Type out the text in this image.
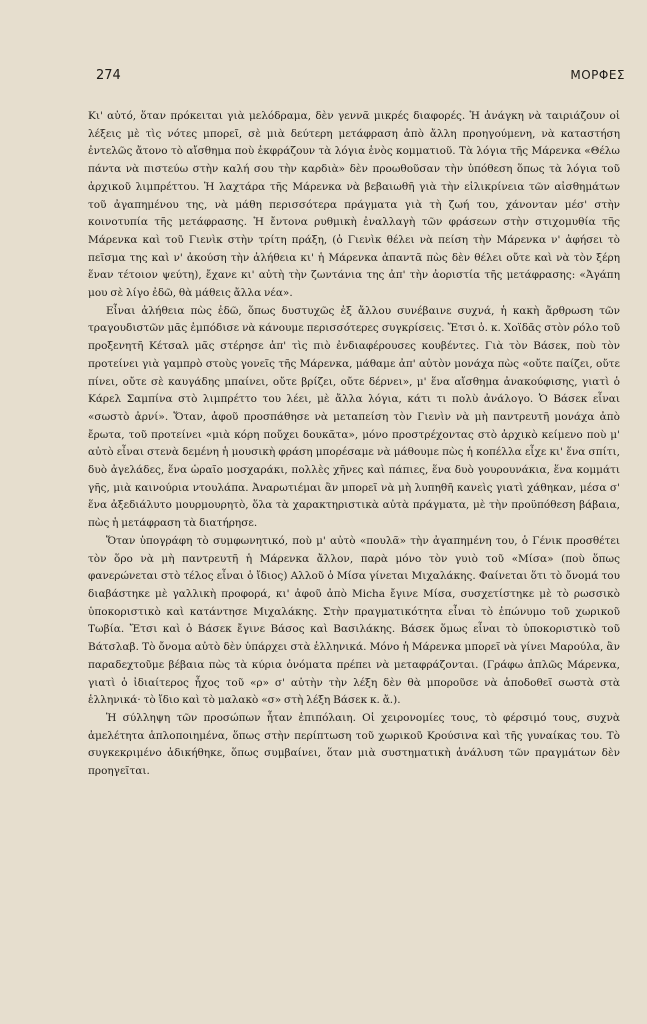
274	ΜΟΡΦΕΣ

Κι' αὐτό, ὅταν πρόκειται γιὰ μελόδραμα, δὲν γεννᾶ μικρές διαφορές. Ἡ ἀνάγκη νὰ ταιριάζουν οἱ λέξεις μὲ τὶς νότες μπορεῖ, σὲ μιὰ δεύτερη μετάφραση ἀπὸ ἄλλη προηγούμενη, νὰ καταστήση ἐντελῶς ἄτονο τὸ αἴσθημα ποὺ ἐκφράζουν τὰ λόγια ἑνὸς κομματιοῦ. Τὰ λόγια τῆς Μάρενκα «Θέλω πάντα νὰ πιστεύω στὴν καλή σου τὴν καρδιὰ» δὲν προωθοῦσαν τὴν ὑπόθεση ὅπως τὰ λόγια τοῦ ἀρχικοῦ λιμπρέττου. Ἡ λαχτάρα τῆς Μάρενκα νὰ βεβαιωθῆ γιὰ τὴν εἰλικρίνεια τῶν αἰσθημάτων τοῦ ἀγαπημένου της, νὰ μάθη περισσότερα πράγματα γιὰ τὴ ζωή του, χάνονταν μέσ' στὴν κοινοτυπία τῆς μετάφρασης. Ἡ ἔντονα ρυθμικὴ ἐναλλαγὴ τῶν φράσεων στὴν στιχομυθία τῆς Μάρενκα καὶ τοῦ Γιενὶκ στὴν τρίτη πράξη, (ὁ Γιενὶκ θέλει νὰ πείση τὴν Μάρενκα ν' ἀφήσει τὸ πεῖσμα της καὶ ν' ἀκούση τὴν ἀλήθεια κι' ἡ Μάρενκα ἀπαντᾶ πὼς δὲν θέλει οὔτε καὶ νὰ τὸν ξέρη ἕναν τέτοιον ψεύτη), ἔχανε κι' αὐτὴ τὴν ζωντάνια της ἀπ' τὴν ἀοριστία τῆς μετάφρασης: «Ἀγάπη μου σὲ λίγο ἐδῶ, θὰ μάθεις ἄλλα νέα».

Εἶναι ἀλήθεια πὼς ἐδῶ, ὅπως δυστυχῶς ἐξ ἄλλου συνέβαινε συχνά, ἡ κακὴ ἄρθρωση τῶν τραγουδιστῶν μᾶς ἐμπόδισε νὰ κάνουμε περισσότερες συγκρίσεις. Ἔτσι ὁ. κ. Χοϊδᾶς στὸν ρόλο τοῦ προξενητῆ Κέτσαλ μᾶς στέρησε ἀπ' τὶς πιὸ ἐνδιαφέρουσες κουβέντες. Γιὰ τὸν Βάσεκ, ποὺ τὸν προτείνει γιὰ γαμπρὸ στοὺς γονεῖς τῆς Μάρενκα, μάθαμε ἀπ' αὐτὸν μονάχα πὼς «οὔτε παίζει, οὔτε πίνει, οὔτε σὲ καυγάδης μπαίνει, οὔτε βρίζει, οὔτε δέρνει», μ' ἕνα αἴσθημα ἀνακούφισης, γιατὶ ὁ Κάρελ Σαμπίνα στὸ λιμπρέττο του λέει, μὲ ἄλλα λόγια, κάτι τι πολὺ ἀνάλογο. Ὁ Βάσεκ εἶναι «σωστὸ ἀρνί». Ὅταν, ἀφοῦ προσπάθησε νὰ μεταπείση τὸν Γιενὶν νὰ μὴ παντρευτῆ μονάχα ἀπὸ ἔρωτα, τοῦ προτείνει «μιὰ κόρη ποὔχει δουκᾶτα», μόνο προστρέχοντας στὸ ἀρχικὸ κείμενο ποὺ μ' αὐτὸ εἶναι στενὰ δεμένη ἡ μουσικὴ φράση μπορέσαμε νὰ μάθουμε πὼς ἡ κοπέλλα εἶχε κι' ἕνα σπίτι, δυὸ ἀγελάδες, ἕνα ὡραῖο μοσχαράκι, πολλὲς χῆνες καὶ πάπιες, ἕνα δυὸ γουρουνάκια, ἕνα κομμάτι γῆς, μιὰ καινούρια ντουλάπα. Ἀναρωτιέμαι ἂν μπορεῖ νὰ μὴ λυπηθῆ κανεὶς γιατὶ χάθηκαν, μέσα σ' ἕνα ἀξεδιάλυτο μουρμουρητὸ, ὅλα τὰ χαρακτηριστικὰ αὐτὰ πράγματα, μὲ τὴν προϋπόθεση βάβαια, πὼς ἡ μετάφραση τὰ διατήρησε.

Ὅταν ὑπογράφη τὸ συμφωνητικό, ποὺ μ' αὐτὸ «πουλᾶ» τὴν ἀγαπημένη του, ὁ Γένικ προσθέτει τὸν ὅρο νὰ μὴ παντρευτῆ ἡ Μάρενκα ἄλλον, παρὰ μόνο τὸν γυιὸ τοῦ «Μίσα» (ποὺ ὅπως φανερώνεται στὸ τέλος εἶναι ὁ ἴδιος) Αλλοῦ ὁ Μίσα γίνεται Μιχαλάκης. Φαίνεται ὅτι τὸ ὄνομά του διαβάστηκε μὲ γαλλικὴ προφορά, κι' ἀφοῦ ἀπὸ Micha ἔγινε Μίσα, συσχετίστηκε μὲ τὸ ρωσσικὸ ὑποκοριστικὸ καὶ κατάντησε Μιχαλάκης. Στὴν πραγματικότητα εἶναι τὸ ἐπώνυμο τοῦ χωρικοῦ Τωβία. Ἔτσι καὶ ὁ Βάσεκ ἔγινε Βάσος καὶ Βασιλάκης. Βάσεκ ὅμως εἶναι τὸ ὑποκοριστικὸ τοῦ Βάτσλαβ. Τὸ ὄνομα αὐτὸ δὲν ὑπάρχει στὰ ἑλληνικά. Μόνο ἡ Μάρενκα μπορεῖ νὰ γίνει Μαρούλα, ἂν παραδεχτοῦμε βέβαια πὼς τὰ κύρια ὀνόματα πρέπει νὰ μεταφράζονται. (Γράφω ἁπλῶς Μάρενκα, γιατὶ ὁ ἰδιαίτερος ἦχος τοῦ «ρ» σ' αὐτὴν τὴν λέξη δὲν θὰ μποροῦσε νὰ ἀποδοθεῖ σωστὰ στὰ ἑλληνικά· τὸ ἴδιο καὶ τὸ μαλακὸ «σ» στὴ λέξη Βάσεκ κ. ἄ.).

Ἡ σύλληψη τῶν προσώπων ἦταν ἐπιπόλαιη. Οἱ χειρονομίες τους, τὸ φέρσιμό τους, συχνὰ ἀμελέτητα ἁπλοποιημένα, ὅπως στὴν περίπτωση τοῦ χωρικοῦ Κρούσινα καὶ τῆς γυναίκας του. Τὸ συγκεκριμένο ἀδικήθηκε, ὅπως συμβαίνει, ὅταν μιὰ συστηματικὴ ἀνάλυση τῶν πραγμάτων δὲν προηγεῖται.
